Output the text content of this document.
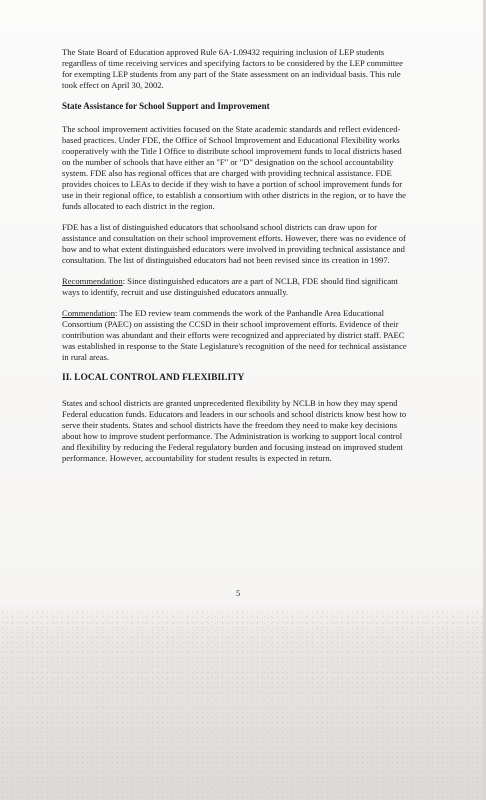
The State Board of Education approved Rule 6A-1.09432 requiring inclusion of LEP students regardless of time receiving services and specifying factors to be considered by the LEP committee for exempting LEP students from any part of the State assessment on an individual basis. This rule took effect on April 30, 2002.

State Assistance for School Support and Improvement

The school improvement activities focused on the State academic standards and reflect evidenced-based practices. Under FDE, the Office of School Improvement and Educational Flexibility works cooperatively with the Title I Office to distribute school improvement funds to local districts based on the number of schools that have either an "F" or "D" designation on the school accountability system. FDE also has regional offices that are charged with providing technical assistance. FDE provides choices to LEAs to decide if they wish to have a portion of school improvement funds for use in their regional office, to establish a consortium with other districts in the region, or to have the funds allocated to each district in the region.

FDE has a list of distinguished educators that schoolsand school districts can draw upon for assistance and consultation on their school improvement efforts. However, there was no evidence of how and to what extent distinguished educators were involved in providing technical assistance and consultation. The list of distinguished educators had not been revised since its creation in 1997.

Recommendation: Since distinguished educators are a part of NCLB, FDE should find significant ways to identify, recruit and use distinguished educators annually.

Commendation: The ED review team commends the work of the Panhandle Area Educational Consortium (PAEC) on assisting the CCSD in their school improvement efforts. Evidence of their contribution was abundant and their efforts were recognized and appreciated by district staff. PAEC was established in response to the State Legislature's recognition of the need for technical assistance in rural areas.

II. LOCAL CONTROL AND FLEXIBILITY

States and school districts are granted unprecedented flexibility by NCLB in how they may spend Federal education funds. Educators and leaders in our schools and school districts know best how to serve their students. States and school districts have the freedom they need to make key decisions about how to improve student performance. The Administration is working to support local control and flexibility by reducing the Federal regulatory burden and focusing instead on improved student performance. However, accountability for student results is expected in return.

5
